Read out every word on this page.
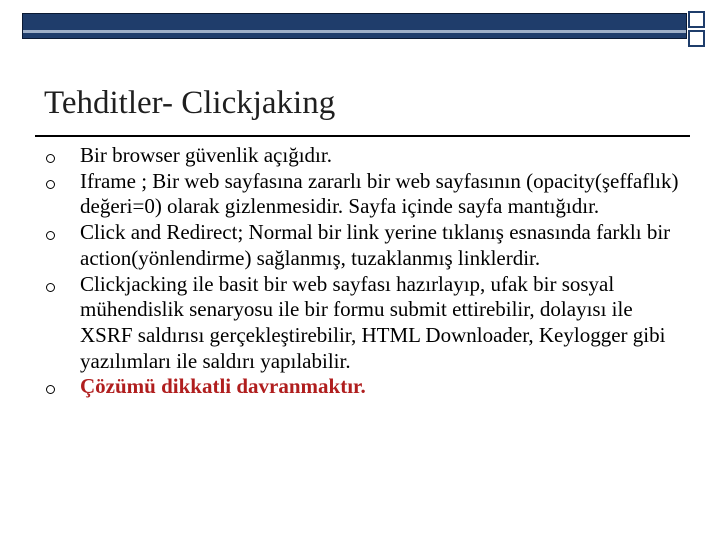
Tehditler- Clickjaking
Bir browser güvenlik açığıdır.
Iframe ; Bir web sayfasına zararlı bir web sayfasının (opacity(şeffaflık) değeri=0) olarak gizlenmesidir. Sayfa içinde sayfa mantığıdır.
Click and Redirect; Normal bir link yerine tıklanış esnasında farklı bir action(yönlendirme) sağlanmış, tuzaklanmış linklerdir.
Clickjacking ile basit bir web sayfası hazırlayıp, ufak bir sosyal mühendislik senaryosu ile bir formu submit ettirebilir, dolayısı ile XSRF saldırısı gerçekleştirebilir, HTML Downloader, Keylogger gibi yazılımları ile saldırı yapılabilir.
Çözümü dikkatli davranmaktır.
